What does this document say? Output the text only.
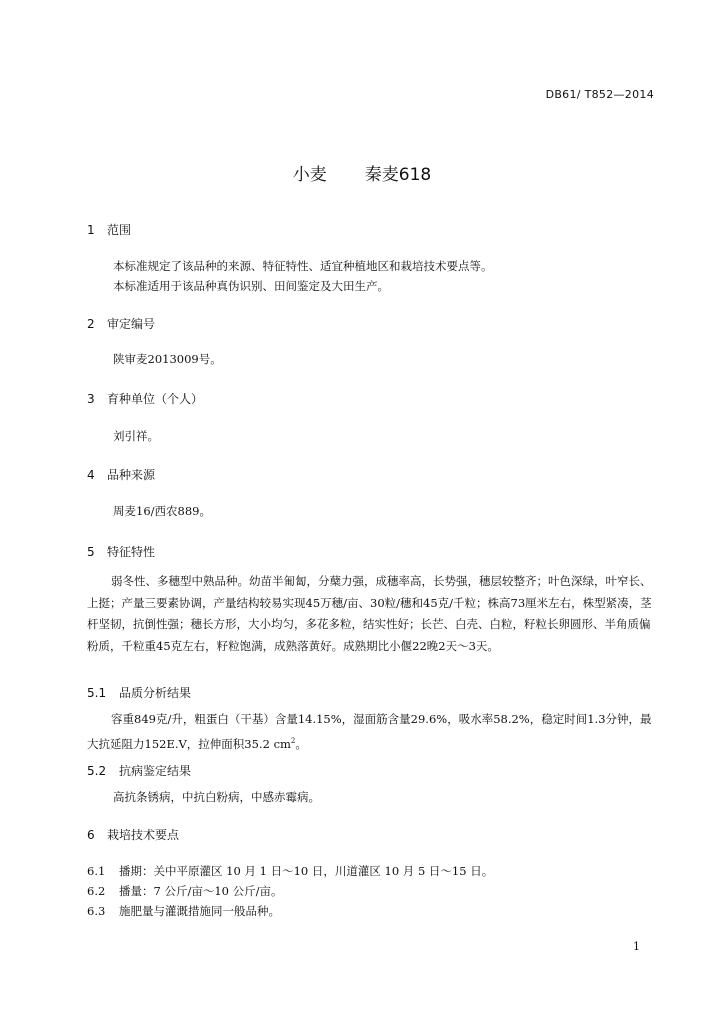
DB61/ T852—2014
小麦 秦麦618
1 范围
本标准规定了该品种的来源、特征特性、适宜种植地区和栽培技术要点等。
本标准适用于该品种真伪识别、田间鉴定及大田生产。
2 审定编号
陕审麦2013009号。
3 育种单位（个人）
刘引祥。
4 品种来源
周麦16/西农889。
5 特征特性
弱冬性、多穗型中熟品种。幼苗半匍匐，分蘖力强，成穗率高，长势强，穗层较整齐；叶色深绿，叶窄长、上挺；产量三要素协调，产量结构较易实现45万穗/亩、30粒/穗和45克/千粒；株高73厘米左右，株型紧凑，茎杆坚韧，抗倒性强；穗长方形，大小均匀，多花多粒，结实性好；长芒、白壳、白粒，籽粒长卵圆形、半角质偏粉质，千粒重45克左右，籽粒饱满，成熟落黄好。成熟期比小偃22晚2天～3天。
5.1 品质分析结果
容重849克/升，粗蛋白（干基）含量14.15%，湿面筋含量29.6%，吸水率58.2%，稳定时间1.3分钟，最大抗延阻力152E.V，拉伸面积35.2 $cm^2$。
5.2 抗病鉴定结果
高抗条锈病，中抗白粉病，中感赤霉病。
6 栽培技术要点
6.1 播期：关中平原灌区 10 月 1 日～10 日，川道灌区 10 月 5 日～15 日。
6.2 播量：7 公斤/亩～10 公斤/亩。
6.3 施肥量与灌溉措施同一般品种。
1
